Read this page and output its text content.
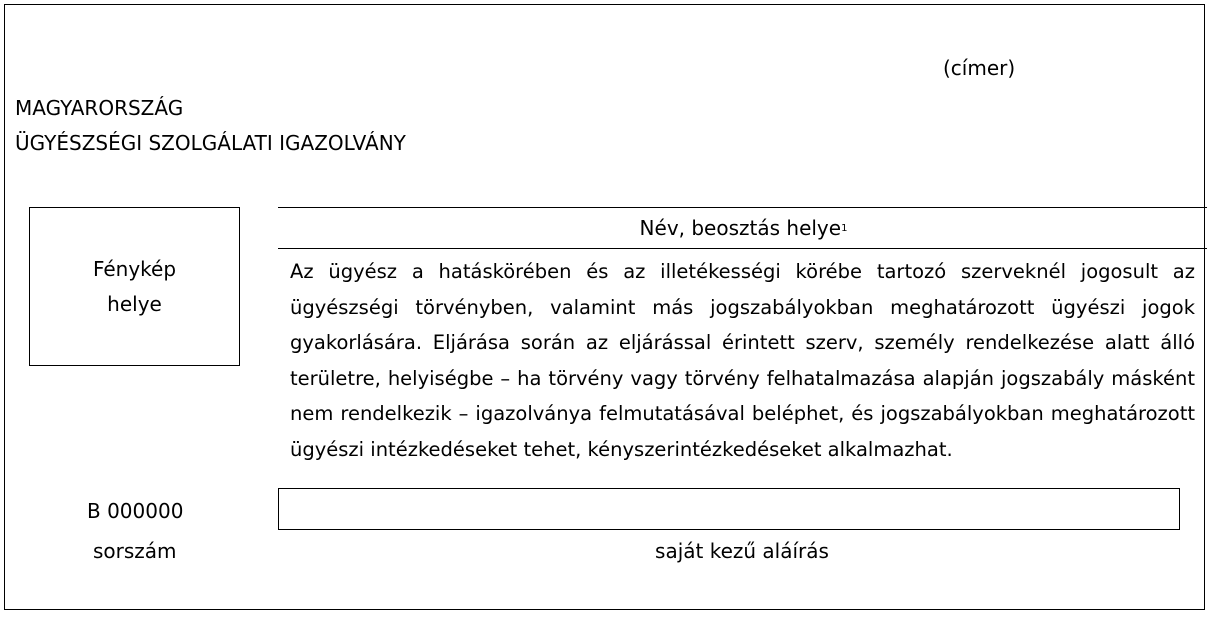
(címer)
MAGYARORSZÁG
ÜGYÉSZSÉGI SZOLGÁLATI IGAZOLVÁNY
Fénykép
helye
Név, beosztás helye 1
Az ügyész a hatáskörében és az illetékességi körébe tartozó szerveknél jogosult az ügyészségi törvényben, valamint más jogszabályokban meghatározott ügyészi jogok gyakorlására. Eljárása során az eljárással érintett szerv, személy rendelkezése alatt álló területre, helyiségbe – ha törvény vagy törvény felhatalmazása alapján jogszabály másként nem rendelkezik – igazolványa felmutatásával beléphet, és jogszabályokban meghatározott ügyészi intézkedéseket tehet, kényszerintézkedéseket alkalmazhat.
B 000000
sorszám	saját kezű aláírás
